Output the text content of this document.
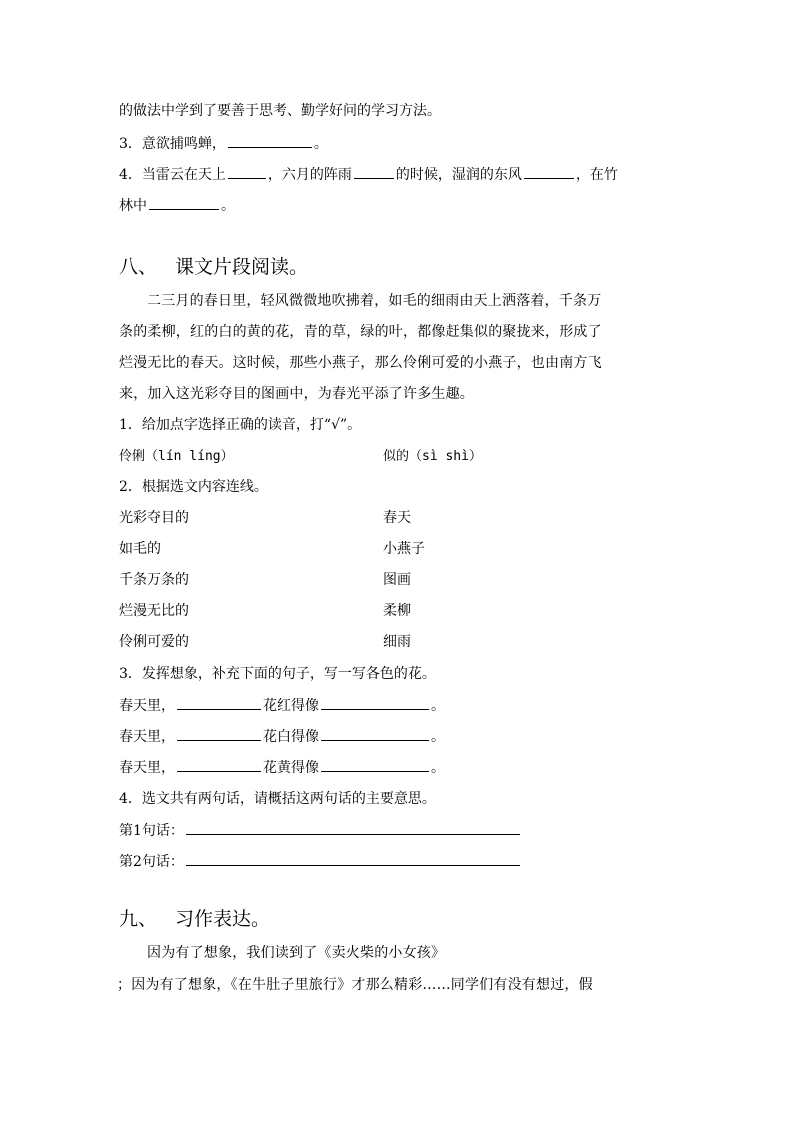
的做法中学到了要善于思考、勤学好问的学习方法。
3．意欲捕鸣蝉，	。
4．当雷云在天上	，六月的阵雨	的时候，湿润的东风	，在竹
林中	。
八、 课文片段阅读。
二三月的春日里，轻风微微地吹拂着，如毛的细雨由天上洒落着，千条万
条的柔柳，红的白的黄的花，青的草，绿的叶，都像赶集似的聚拢来，形成了
烂漫无比的春天。这时候，那些小燕子，那么伶俐可爱的小燕子，也由南方飞
来，加入这光彩夺目的图画中，为春光平添了许多生趣。
1．给加点字选择正确的读音，打“√”。
伶俐（lín líng）	似的（sì shì）
2．根据选文内容连线。
光彩夺目的	春天
如毛的	小燕子
千条万条的	图画
烂漫无比的	柔柳
伶俐可爱的	细雨
3．发挥想象，补充下面的句子，写一写各色的花。
春天里，	花红得像	。
春天里，	花白得像	。
春天里，	花黄得像	。
4．选文共有两句话，请概括这两句话的主要意思。
第1句话：
第2句话：
九、 习作表达。
因为有了想象，我们读到了《卖火柴的小女孩》
；因为有了想象，《在牛肚子里旅行》才那么精彩……同学们有没有想过，假
